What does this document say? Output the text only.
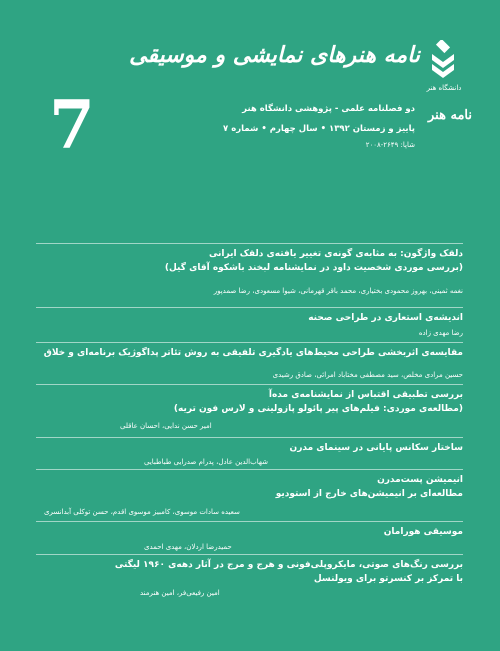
دانشگاه هنر
نامه هنر
نامه هنرهای نمایشی و موسیقی
دو فصلنامه علمی - پژوهشی دانشگاه هنر
پاییز و زمستان ۱۳۹۲ • سال چهارم • شماره ۷
شاپا: ۲۶۴۹-۲۰۰۸
7
دلقک واژگون: به مثابه‌ی گونه‌ی تغییر یافته‌ی دلقک ایرانی
(بررسی موردی شخصیت داود در نمایشنامه لبخند باشکوه آقای گیل)
نغمه ثمینی، بهروز محمودی بختیاری، محمد باقر قهرمانی، شیوا مسعودی، رضا صمدپور
اندیشه‌ی استعاری در طراحی صحنه
رضا مهدی زاده
مقایسه‌ی اثربخشی طراحی محیط‌های یادگیری تلفیقی به روش تئاتر پداگوژیک برنامه‌ای و خلاق
حسین مرادی مخلص، سید مصطفی مختاباد امرائی، صادق رشیدی
بررسی تطبیقی اقتباس از نمایشنامه‌ی مده‌آ
(مطالعه‌ی موردی: فیلم‌های پیر پائولو پازولینی و لارس فون تریه)
امیر حسن ندایی، احسان عاقلی
ساختار سکانس پایانی در سینمای مدرن
شهاب‌الدین عادل، پدرام صدرایی طباطبایی
انیمیشن پست‌مدرن
مطالعه‌ای بر انیمیشن‌های خارج از استودیو
سعیده سادات موسوی، کامبیز موسوی اقدم، حسن توکلی آبدانسری
موسیقی هورامان
حمیدرضا اردلان، مهدی احمدی
بررسی رنگ‌های صوتی، مایکروپلی‌فونی و هرج و مرج در آثار دهه‌ی ۱۹۶۰ لیگتی
با تمرکز بر کنسرتو برای ویولنسل
امین رفیعی‌فر، امین هنرمند
